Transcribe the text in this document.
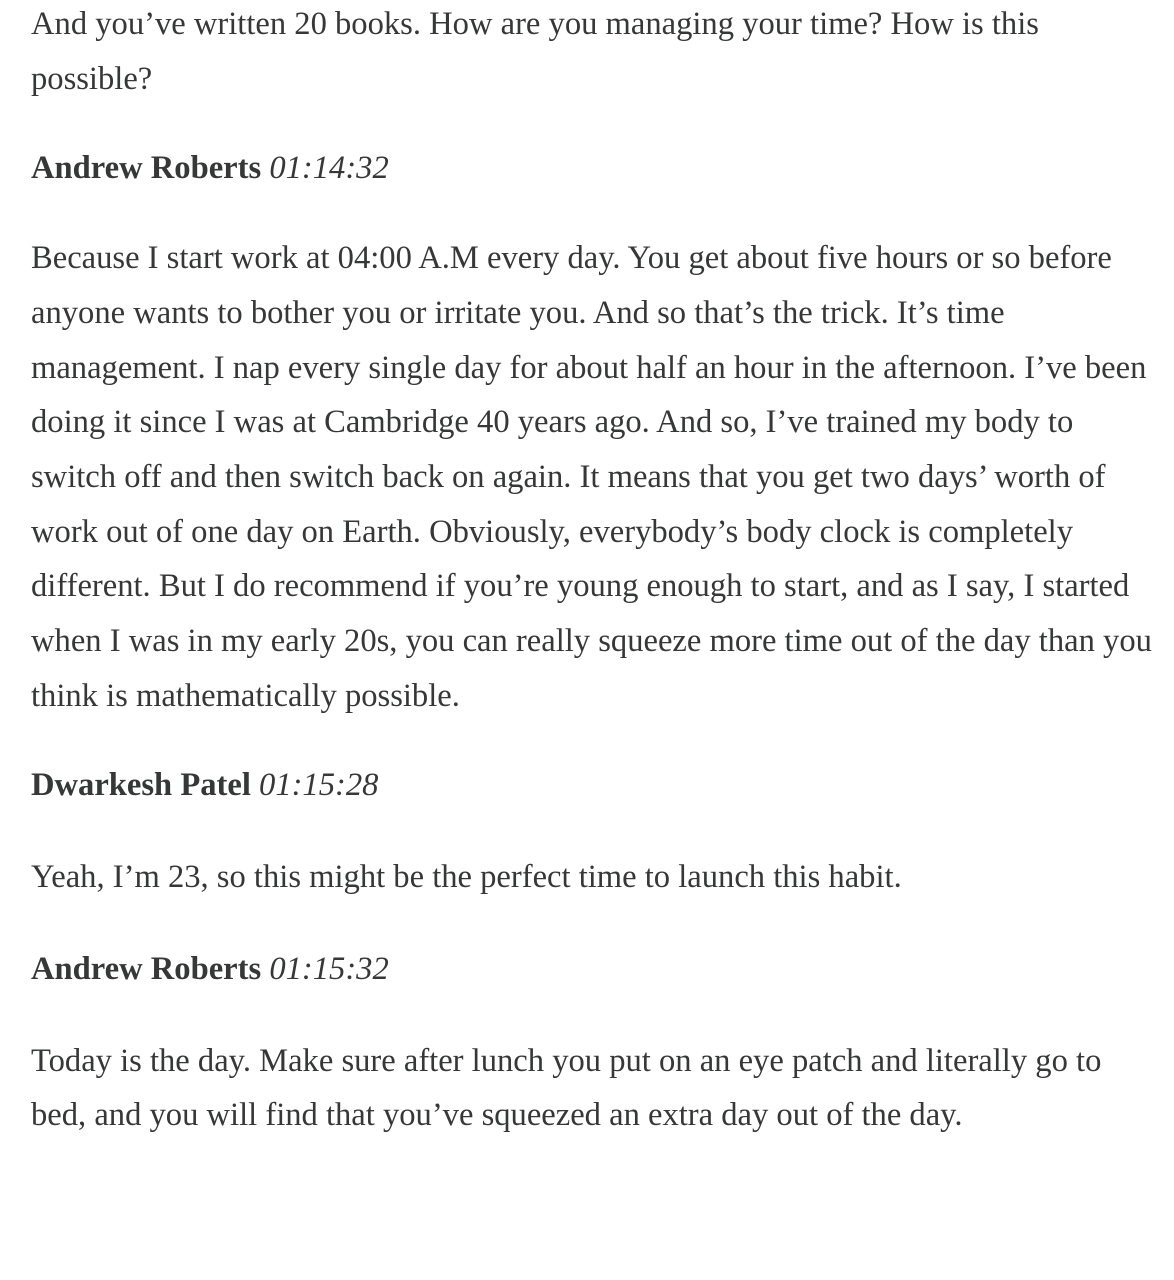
And you’ve written 20 books. How are you managing your time? How is this possible?

Andrew Roberts 01:14:32

Because I start work at 04:00 A.M every day. You get about five hours or so before anyone wants to bother you or irritate you. And so that’s the trick. It’s time management. I nap every single day for about half an hour in the afternoon. I’ve been doing it since I was at Cambridge 40 years ago. And so, I’ve trained my body to switch off and then switch back on again. It means that you get two days’ worth of work out of one day on Earth. Obviously, everybody’s body clock is completely different. But I do recommend if you’re young enough to start, and as I say, I started when I was in my early 20s, you can really squeeze more time out of the day than you think is mathematically possible.

Dwarkesh Patel 01:15:28

Yeah, I’m 23, so this might be the perfect time to launch this habit.

Andrew Roberts 01:15:32

Today is the day. Make sure after lunch you put on an eye patch and literally go to bed, and you will find that you’ve squeezed an extra day out of the day.
